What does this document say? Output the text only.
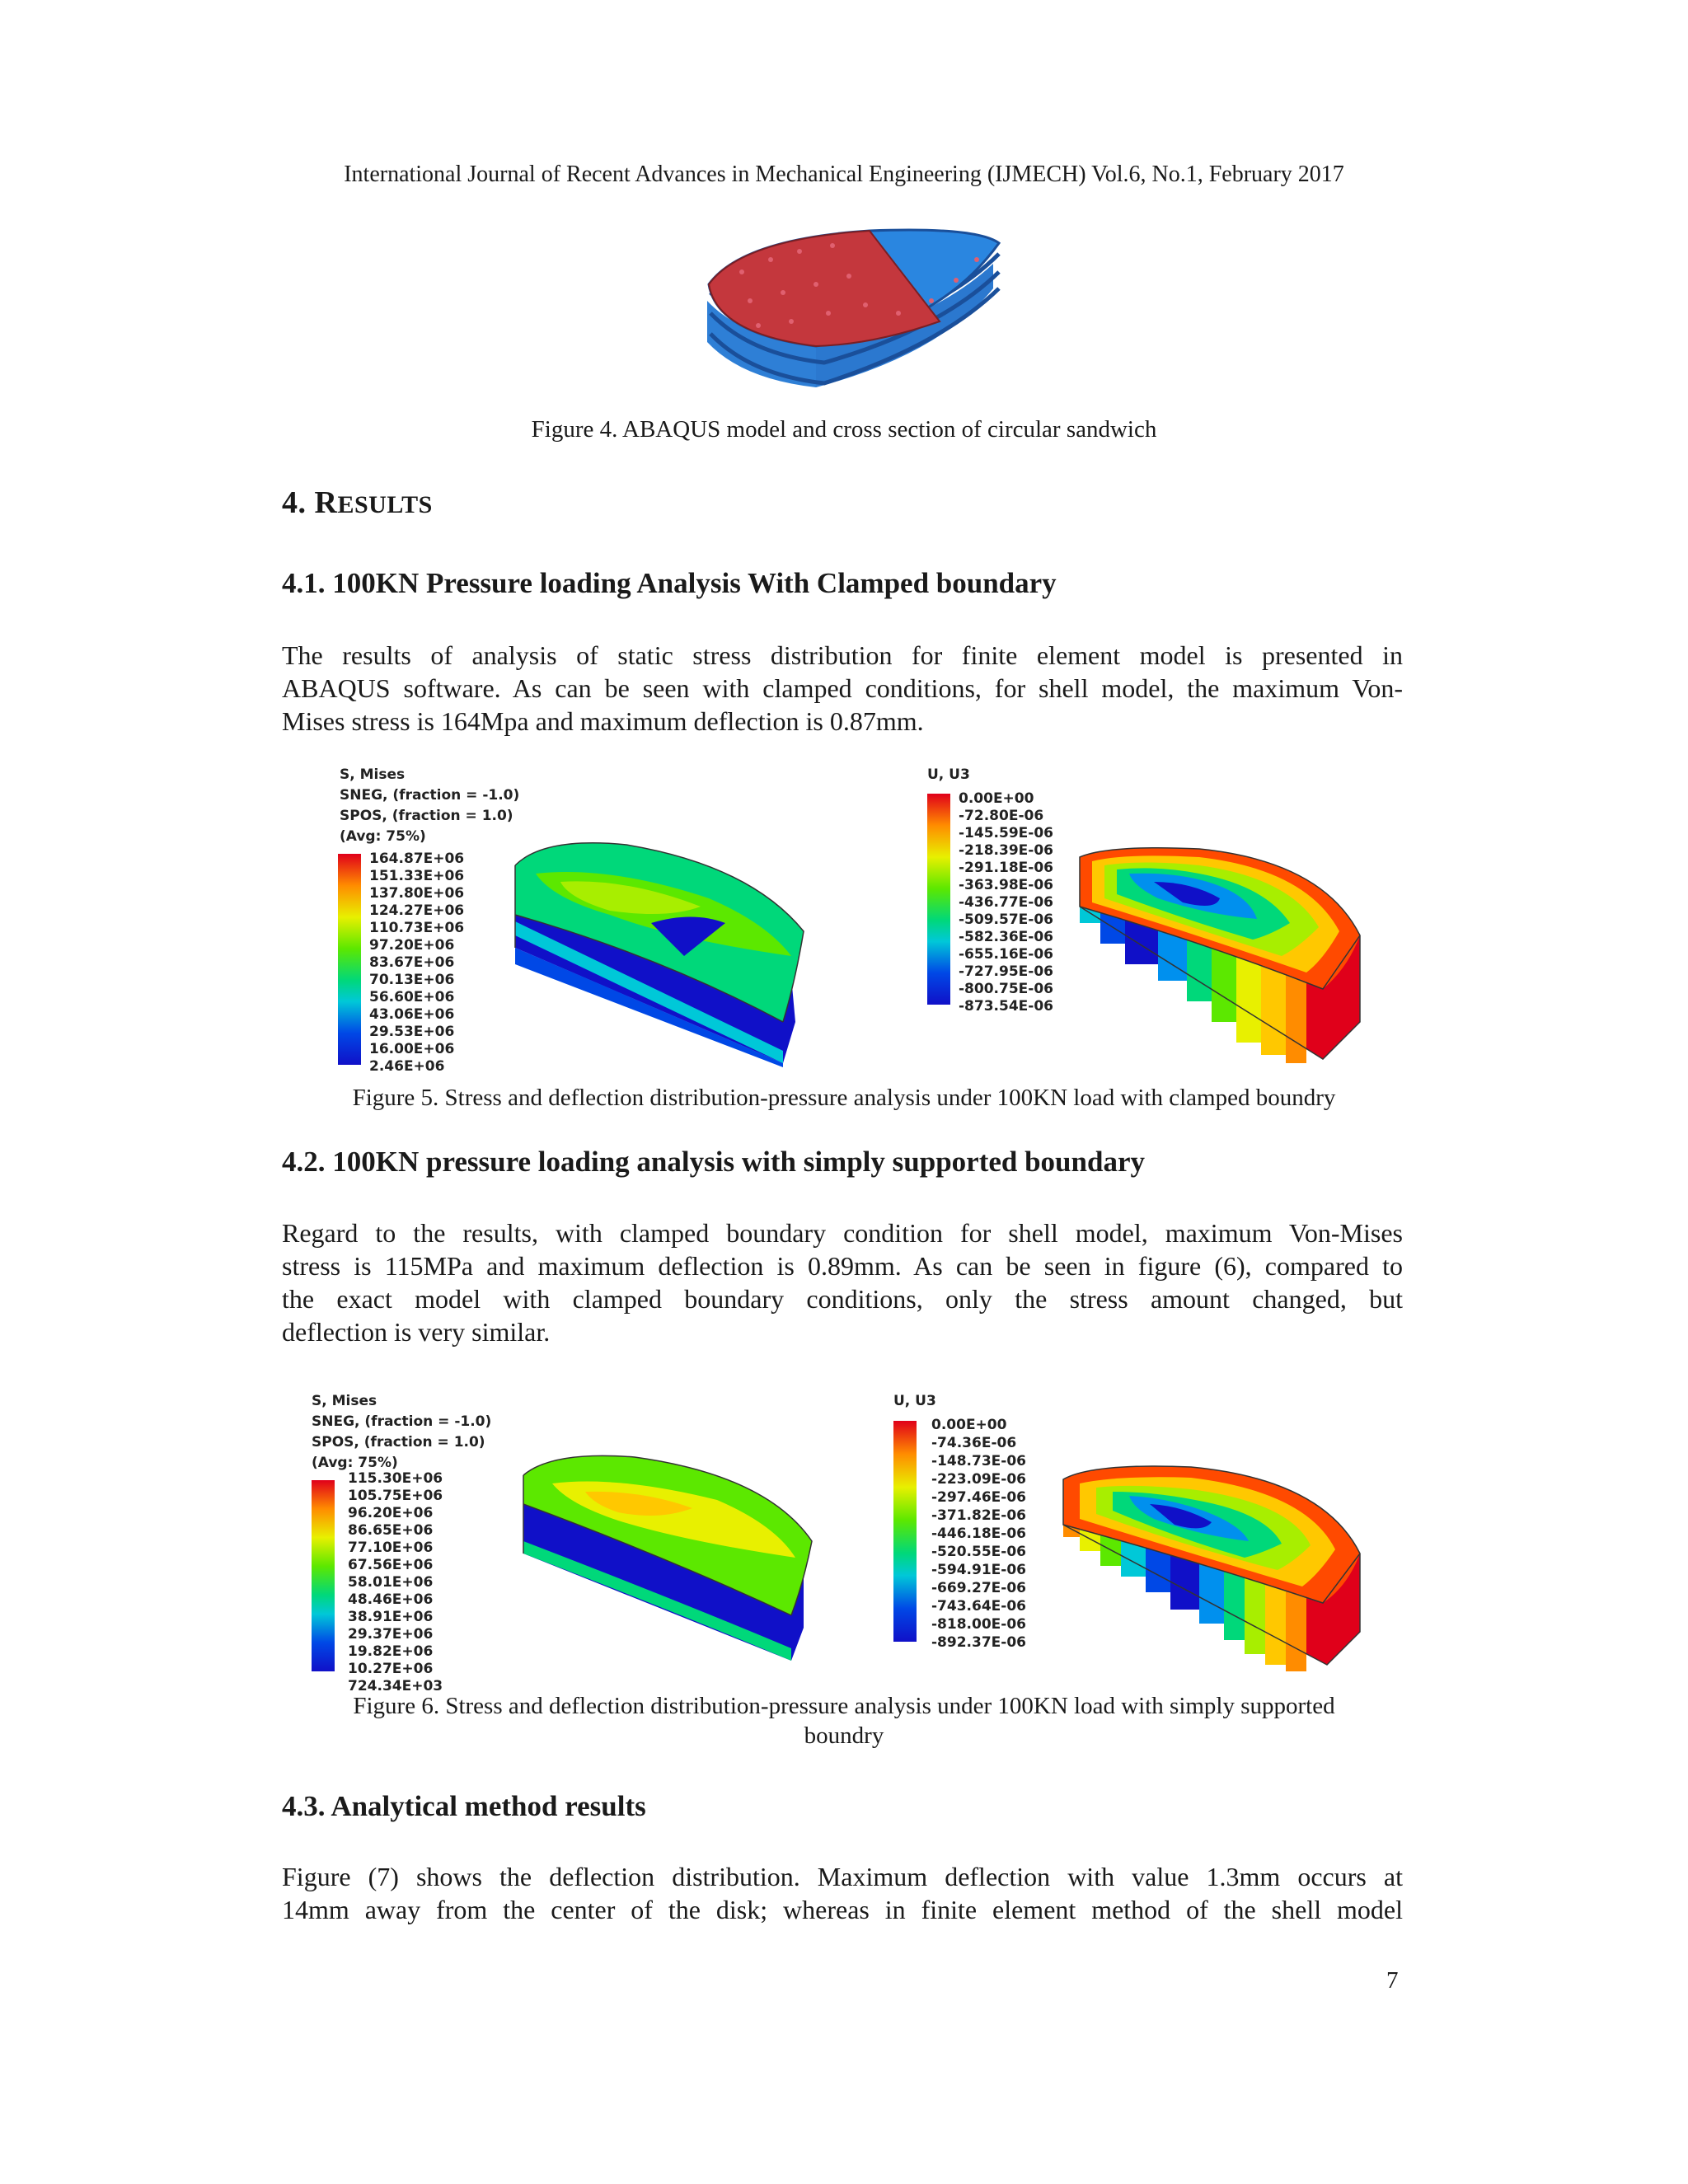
International Journal of Recent Advances in Mechanical Engineering (IJMECH) Vol.6, No.1, February 2017
Figure 4. ABAQUS model and cross section of circular sandwich
4. RESULTS
4.1. 100KN Pressure loading Analysis With Clamped boundary
The results of analysis of static stress distribution for finite element model is presented in
ABAQUS software. As can be seen with clamped conditions, for shell model, the maximum Von-
Mises stress is 164Mpa and maximum deflection is 0.87mm.
S, Mises
SNEG, (fraction = -1.0)
SPOS, (fraction = 1.0)
(Avg: 75%)
164.87E+06
151.33E+06
137.80E+06
124.27E+06
110.73E+06
97.20E+06
83.67E+06
70.13E+06
56.60E+06
43.06E+06
29.53E+06
16.00E+06
2.46E+06
U, U3
0.00E+00
-72.80E-06
-145.59E-06
-218.39E-06
-291.18E-06
-363.98E-06
-436.77E-06
-509.57E-06
-582.36E-06
-655.16E-06
-727.95E-06
-800.75E-06
-873.54E-06
Figure 5. Stress and deflection distribution-pressure analysis under 100KN load with clamped boundry
4.2. 100KN pressure loading analysis with simply supported boundary
Regard to the results, with clamped boundary condition for shell model, maximum Von-Mises
stress is 115MPa and maximum deflection is 0.89mm. As can be seen in figure (6), compared to
the exact model with clamped boundary conditions, only the stress amount changed, but
deflection is very similar.
S, Mises
SNEG, (fraction = -1.0)
SPOS, (fraction = 1.0)
(Avg: 75%)
115.30E+06
105.75E+06
96.20E+06
86.65E+06
77.10E+06
67.56E+06
58.01E+06
48.46E+06
38.91E+06
29.37E+06
19.82E+06
10.27E+06
724.34E+03
U, U3
0.00E+00
-74.36E-06
-148.73E-06
-223.09E-06
-297.46E-06
-371.82E-06
-446.18E-06
-520.55E-06
-594.91E-06
-669.27E-06
-743.64E-06
-818.00E-06
-892.37E-06
Figure 6. Stress and deflection distribution-pressure analysis under 100KN load with simply supported
boundry
4.3. Analytical method results
Figure (7) shows the deflection distribution. Maximum deflection with value 1.3mm occurs at
14mm away from the center of the disk; whereas in finite element method of the shell model
7
